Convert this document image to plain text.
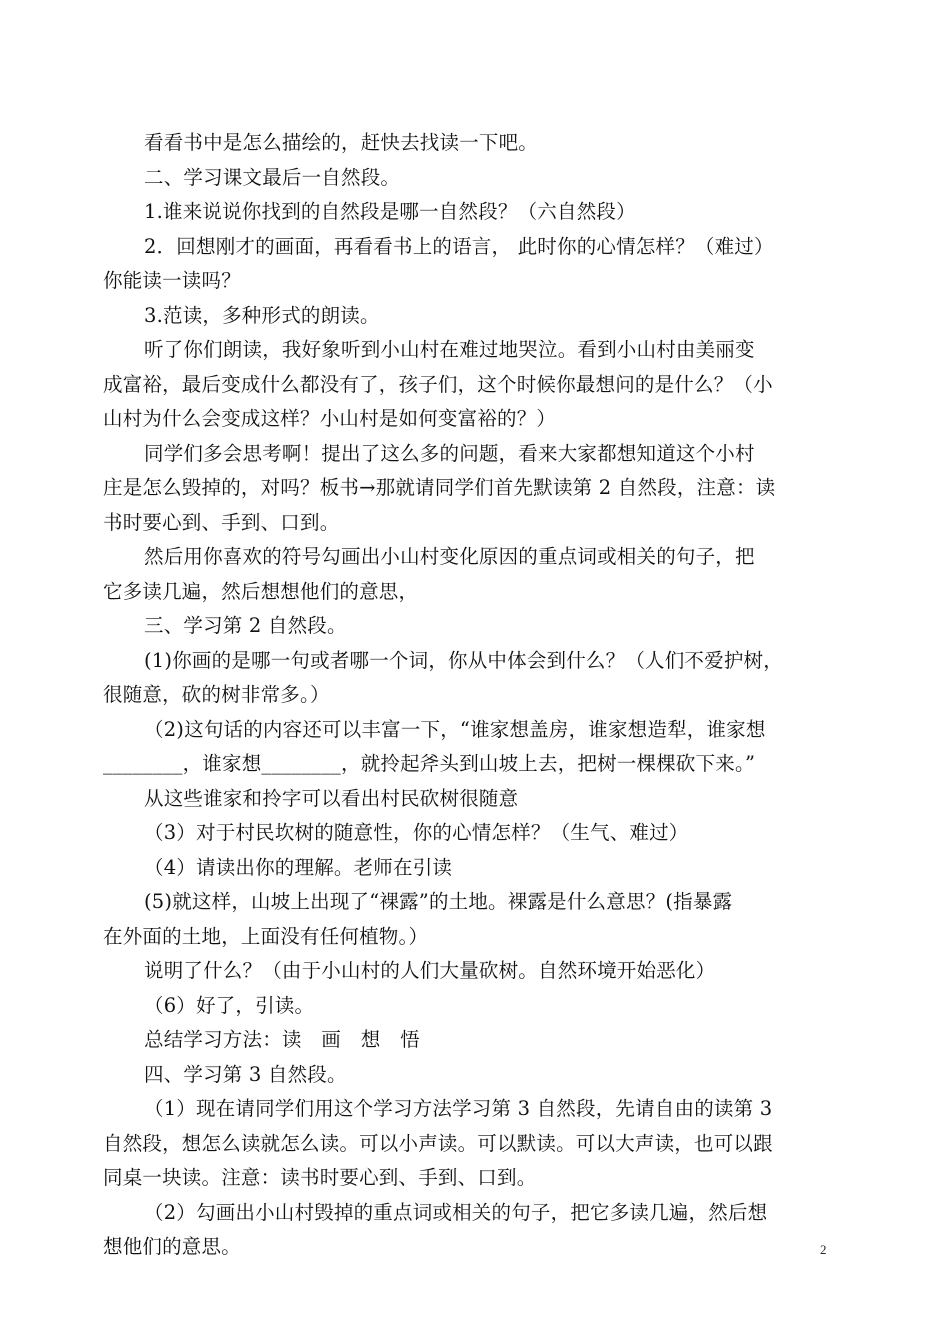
看看书中是怎么描绘的，赶快去找读一下吧。
二、学习课文最后一自然段。
1.谁来说说你找到的自然段是哪一自然段？（六自然段）
2．回想刚才的画面，再看看书上的语言， 此时你的心情怎样？（难过）
你能读一读吗？
3.范读，多种形式的朗读。
听了你们朗读，我好象听到小山村在难过地哭泣。看到小山村由美丽变
成富裕，最后变成什么都没有了，孩子们，这个时候你最想问的是什么？（小
山村为什么会变成这样？小山村是如何变富裕的？）
同学们多会思考啊！提出了这么多的问题，看来大家都想知道这个小村
庄是怎么毁掉的，对吗？板书→那就请同学们首先默读第 2 自然段，注意：读
书时要心到、手到、口到。
然后用你喜欢的符号勾画出小山村变化原因的重点词或相关的句子，把
它多读几遍，然后想想他们的意思，
三、学习第 2 自然段。
(1)你画的是哪一句或者哪一个词，你从中体会到什么？（人们不爱护树，
很随意，砍的树非常多。）
（2)这句话的内容还可以丰富一下，“谁家想盖房，谁家想造犁，谁家想
________，谁家想________，就拎起斧头到山坡上去，把树一棵棵砍下来。”
从这些谁家和拎字可以看出村民砍树很随意
（3）对于村民坎树的随意性，你的心情怎样？（生气、难过）
（4）请读出你的理解。老师在引读
(5)就这样，山坡上出现了“裸露”的土地。裸露是什么意思？(指暴露
在外面的土地，上面没有任何植物。）
说明了什么？（由于小山村的人们大量砍树。自然环境开始恶化）
（6）好了，引读。
总结学习方法：读　画　想　悟
四、学习第 3 自然段。
（1）现在请同学们用这个学习方法学习第 3 自然段，先请自由的读第 3
自然段，想怎么读就怎么读。可以小声读。可以默读。可以大声读，也可以跟
同桌一块读。注意：读书时要心到、手到、口到。
（2）勾画出小山村毁掉的重点词或相关的句子，把它多读几遍，然后想
想他们的意思。	2
